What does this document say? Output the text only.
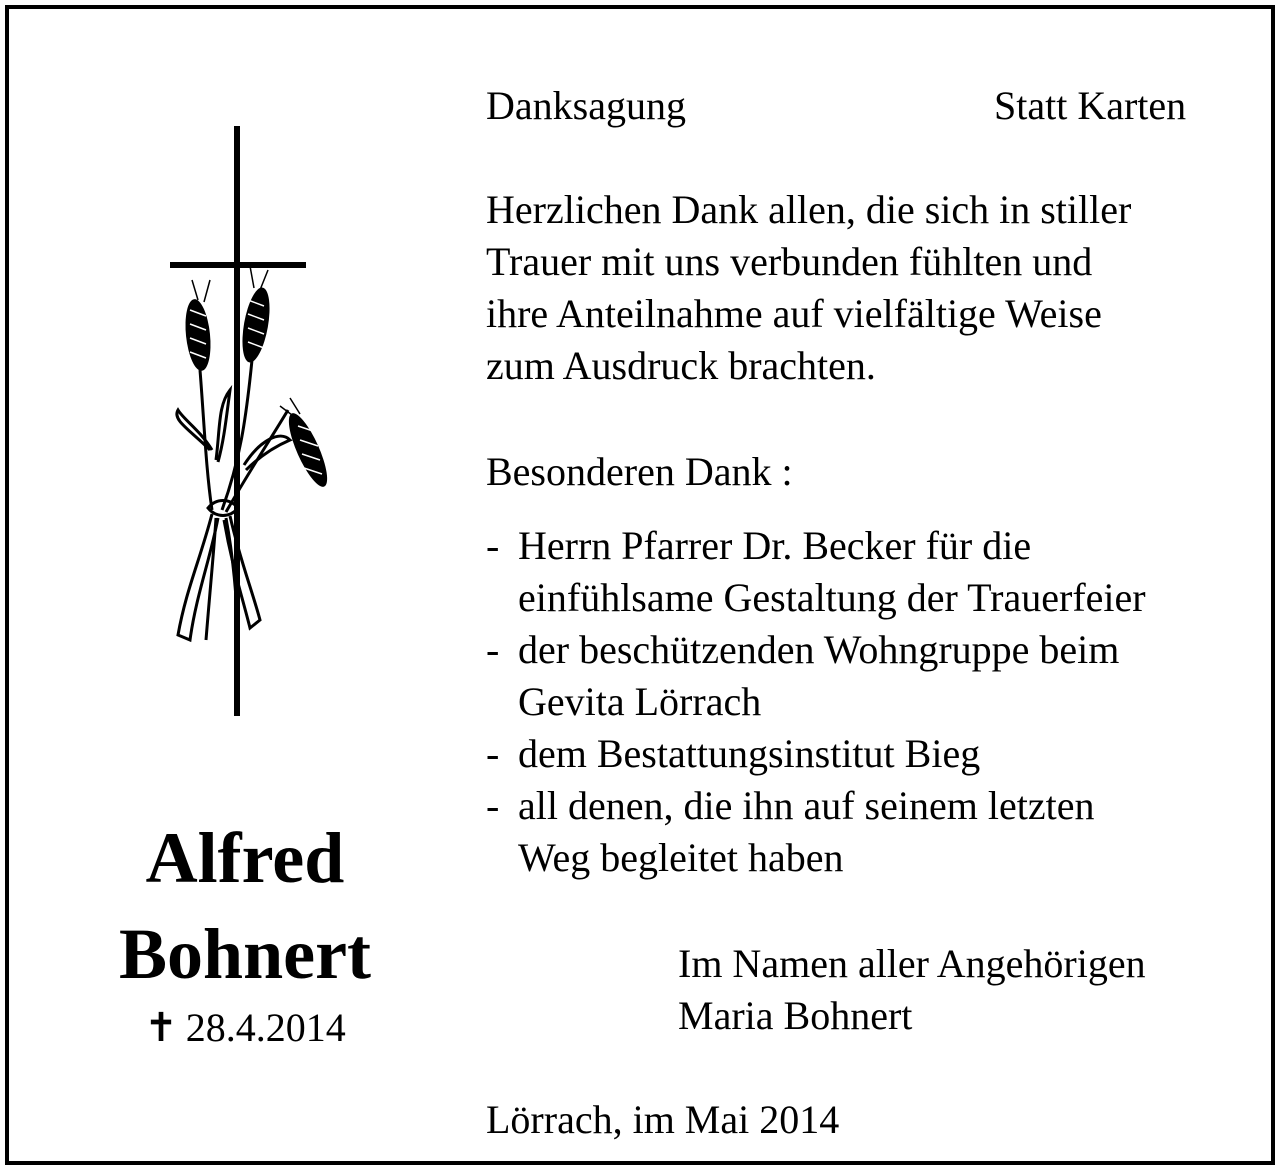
Danksagung	Statt Karten
Herzlichen Dank allen, die sich in stiller
Trauer mit uns verbunden fühlten und
ihre Anteilnahme auf vielfältige Weise
zum Ausdruck brachten.
Besonderen Dank :
- Herrn Pfarrer Dr. Becker für die
einfühlsame Gestaltung der Trauerfeier
- der beschützenden Wohngruppe beim
Gevita Lörrach
- dem Bestattungsinstitut Bieg
- all denen, die ihn auf seinem letzten
Weg begleitet haben
Im Namen aller Angehörigen
Maria Bohnert
Lörrach, im Mai 2014
Alfred
Bohnert
✝ 28.4.2014
